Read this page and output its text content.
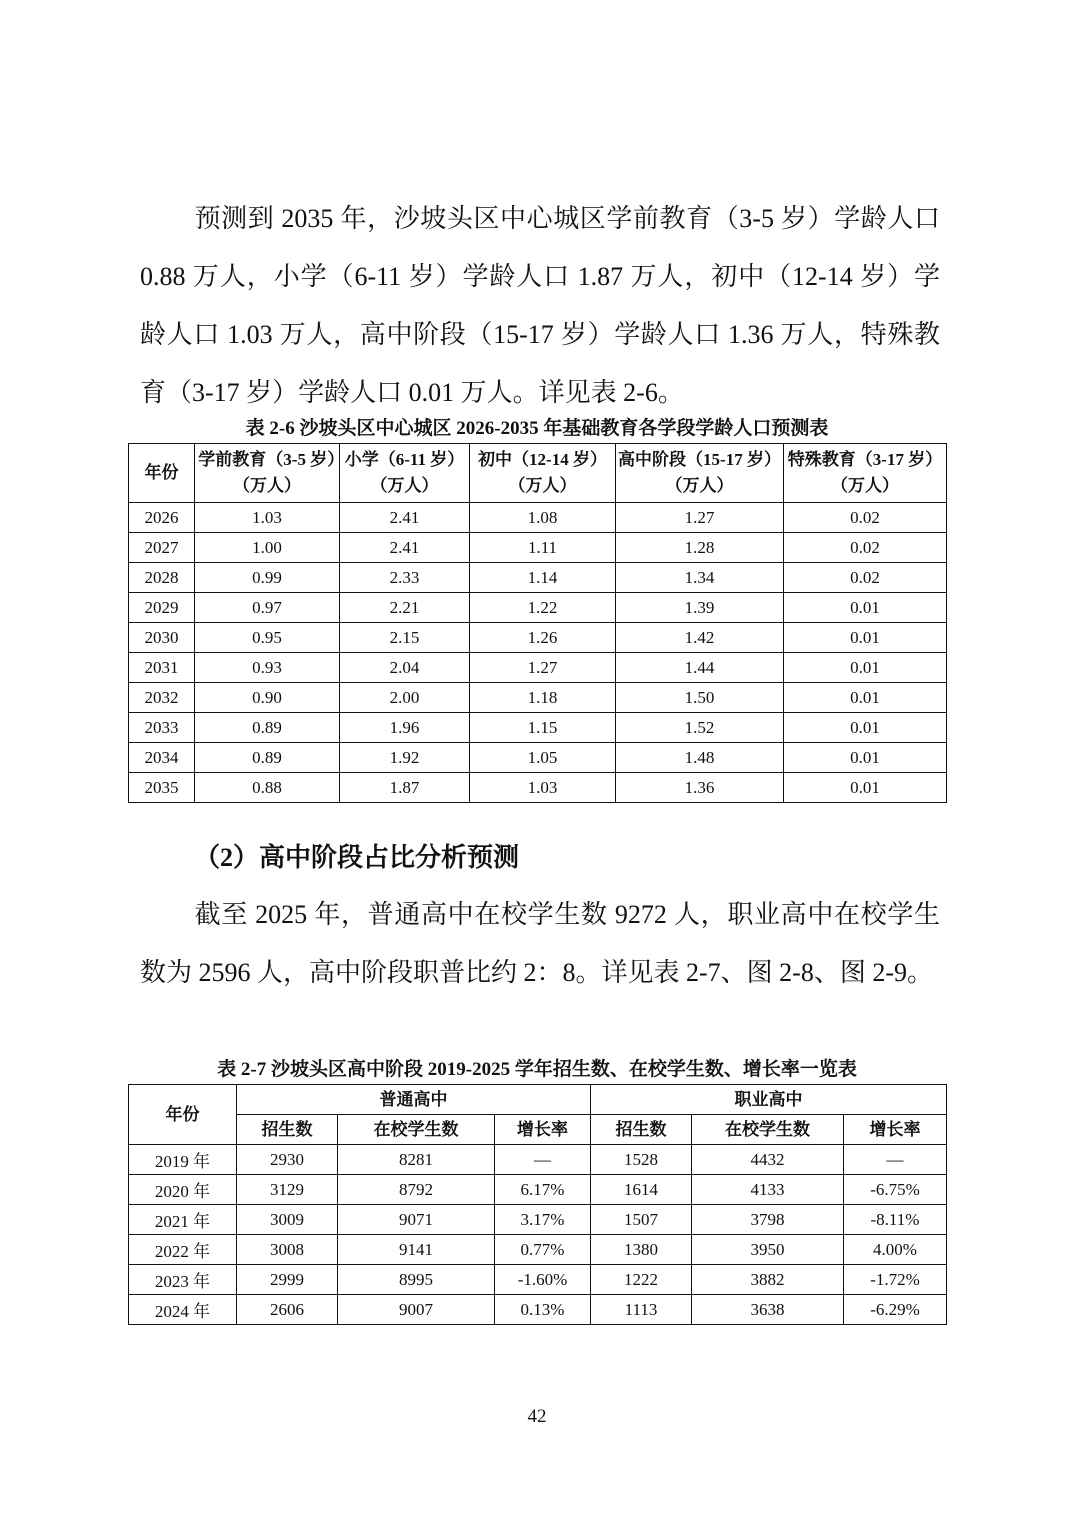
预测到 2035 年，沙坡头区中心城区学前教育（3-5 岁）学龄人口 0.88 万人，小学（6-11 岁）学龄人口 1.87 万人，初中（12-14 岁）学龄人口 1.03 万人，高中阶段（15-17 岁）学龄人口 1.36 万人，特殊教育（3-17 岁）学龄人口 0.01 万人。详见表 2-6。

表 2-6 沙坡头区中心城区 2026-2035 年基础教育各学段学龄人口预测表

年份	学前教育（3-5 岁）（万人）	小学（6-11 岁）（万人）	初中（12-14 岁）（万人）	高中阶段（15-17 岁）（万人）	特殊教育（3-17 岁）（万人）
2026	1.03	2.41	1.08	1.27	0.02
2027	1.00	2.41	1.11	1.28	0.02
2028	0.99	2.33	1.14	1.34	0.02
2029	0.97	2.21	1.22	1.39	0.01
2030	0.95	2.15	1.26	1.42	0.01
2031	0.93	2.04	1.27	1.44	0.01
2032	0.90	2.00	1.18	1.50	0.01
2033	0.89	1.96	1.15	1.52	0.01
2034	0.89	1.92	1.05	1.48	0.01
2035	0.88	1.87	1.03	1.36	0.01

（2）高中阶段占比分析预测

截至 2025 年，普通高中在校学生数 9272 人，职业高中在校学生数为 2596 人，高中阶段职普比约 2：8。详见表 2-7、图 2-8、图 2-9。

表 2-7 沙坡头区高中阶段 2019-2025 学年招生数、在校学生数、增长率一览表

年份	普通高中			职业高中		
	招生数	在校学生数	增长率	招生数	在校学生数	增长率
2019 年	2930	8281	—	1528	4432	—
2020 年	3129	8792	6.17%	1614	4133	-6.75%
2021 年	3009	9071	3.17%	1507	3798	-8.11%
2022 年	3008	9141	0.77%	1380	3950	4.00%
2023 年	2999	8995	-1.60%	1222	3882	-1.72%
2024 年	2606	9007	0.13%	1113	3638	-6.29%

42
